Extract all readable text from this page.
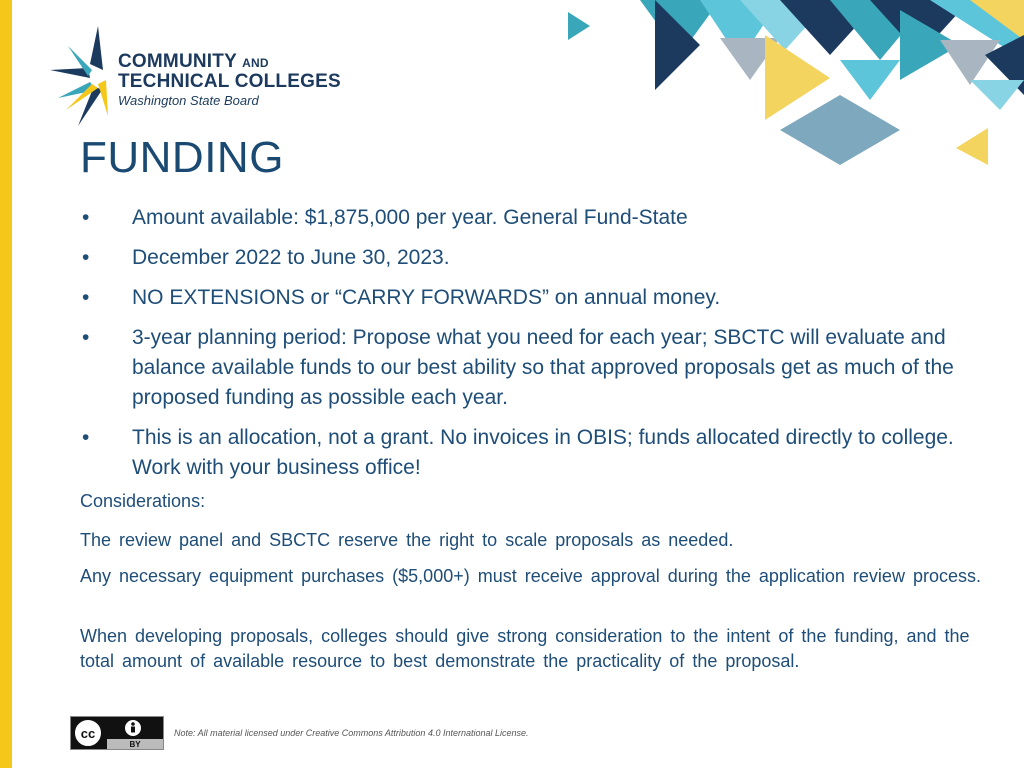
COMMUNITY AND
TECHNICAL COLLEGES
Washington State Board
FUNDING
• Amount available: $1,875,000 per year. General Fund-State
• December 2022 to June 30, 2023.
• NO EXTENSIONS or “CARRY FORWARDS” on annual money.
• 3-year planning period: Propose what you need for each year; SBCTC will evaluate and balance available funds to our best ability so that approved proposals get as much of the proposed funding as possible each year.
• This is an allocation, not a grant. No invoices in OBIS; funds allocated directly to college. Work with your business office!
Considerations:
The review panel and SBCTC reserve the right to scale proposals as needed.
Any necessary equipment purchases ($5,000+) must receive approval during the application review process.
When developing proposals, colleges should give strong consideration to the intent of the funding, and the total amount of available resource to best demonstrate the practicality of the proposal.
cc
BY
Note: All material licensed under Creative Commons Attribution 4.0 International License.
